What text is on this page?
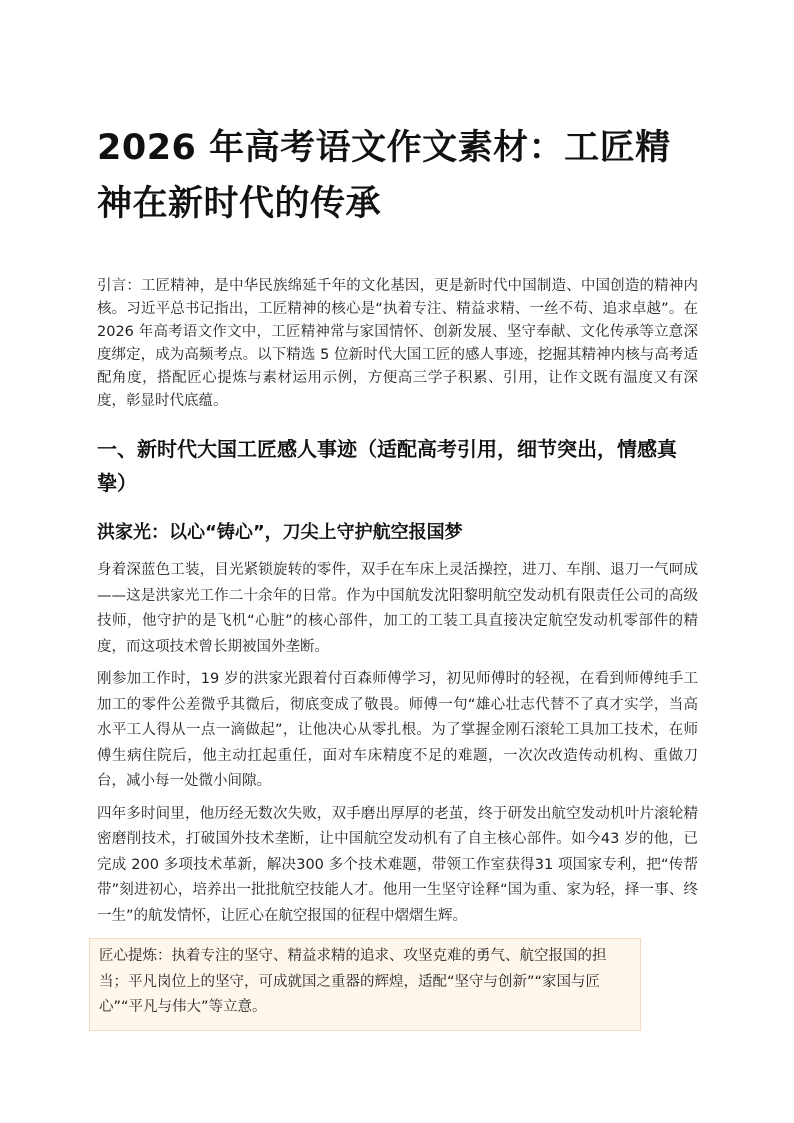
2026 年高考语文作文素材：工匠精神在新时代的传承

引言：工匠精神，是中华民族绵延千年的文化基因，更是新时代中国制造、中国创造的精神内核。习近平总书记指出，工匠精神的核心是“执着专注、精益求精、一丝不苟、追求卓越”。在 2026 年高考语文作文中，工匠精神常与家国情怀、创新发展、坚守奉献、文化传承等立意深度绑定，成为高频考点。以下精选 5 位新时代大国工匠的感人事迹，挖掘其精神内核与高考适配角度，搭配匠心提炼与素材运用示例，方便高三学子积累、引用，让作文既有温度又有深度，彰显时代底蕴。

一、新时代大国工匠感人事迹（适配高考引用，细节突出，情感真挚）
洪家光：以心“铸心”，刀尖上守护航空报国梦

身着深蓝色工装，目光紧锁旋转的零件，双手在车床上灵活操控，进刀、车削、退刀一气呵成——这是洪家光工作二十余年的日常。作为中国航发沈阳黎明航空发动机有限责任公司的高级技师，他守护的是飞机“心脏”的核心部件，加工的工装工具直接决定航空发动机零部件的精度，而这项技术曾长期被国外垄断。

刚参加工作时，19 岁的洪家光跟着付百森师傅学习，初见师傅时的轻视，在看到师傅纯手工加工的零件公差微乎其微后，彻底变成了敬畏。师傅一句“雄心壮志代替不了真才实学，当高水平工人得从一点一滴做起”，让他决心从零扎根。为了掌握金刚石滚轮工具加工技术，在师傅生病住院后，他主动扛起重任，面对车床精度不足的难题，一次次改造传动机构、重做刀台，减小每一处微小间隙。

四年多时间里，他历经无数次失败，双手磨出厚厚的老茧，终于研发出航空发动机叶片滚轮精密磨削技术，打破国外技术垄断，让中国航空发动机有了自主核心部件。如今43 岁的他，已完成 200 多项技术革新，解决300 多个技术难题，带领工作室获得31 项国家专利，把“传帮带”刻进初心，培养出一批批航空技能人才。他用一生坚守诠释“国为重、家为轻，择一事、终一生”的航发情怀，让匠心在航空报国的征程中熠熠生辉。

匠心提炼：执着专注的坚守、精益求精的追求、攻坚克难的勇气、航空报国的担当；平凡岗位上的坚守，可成就国之重器的辉煌，适配“坚守与创新”“家国与匠心”“平凡与伟大”等立意。
